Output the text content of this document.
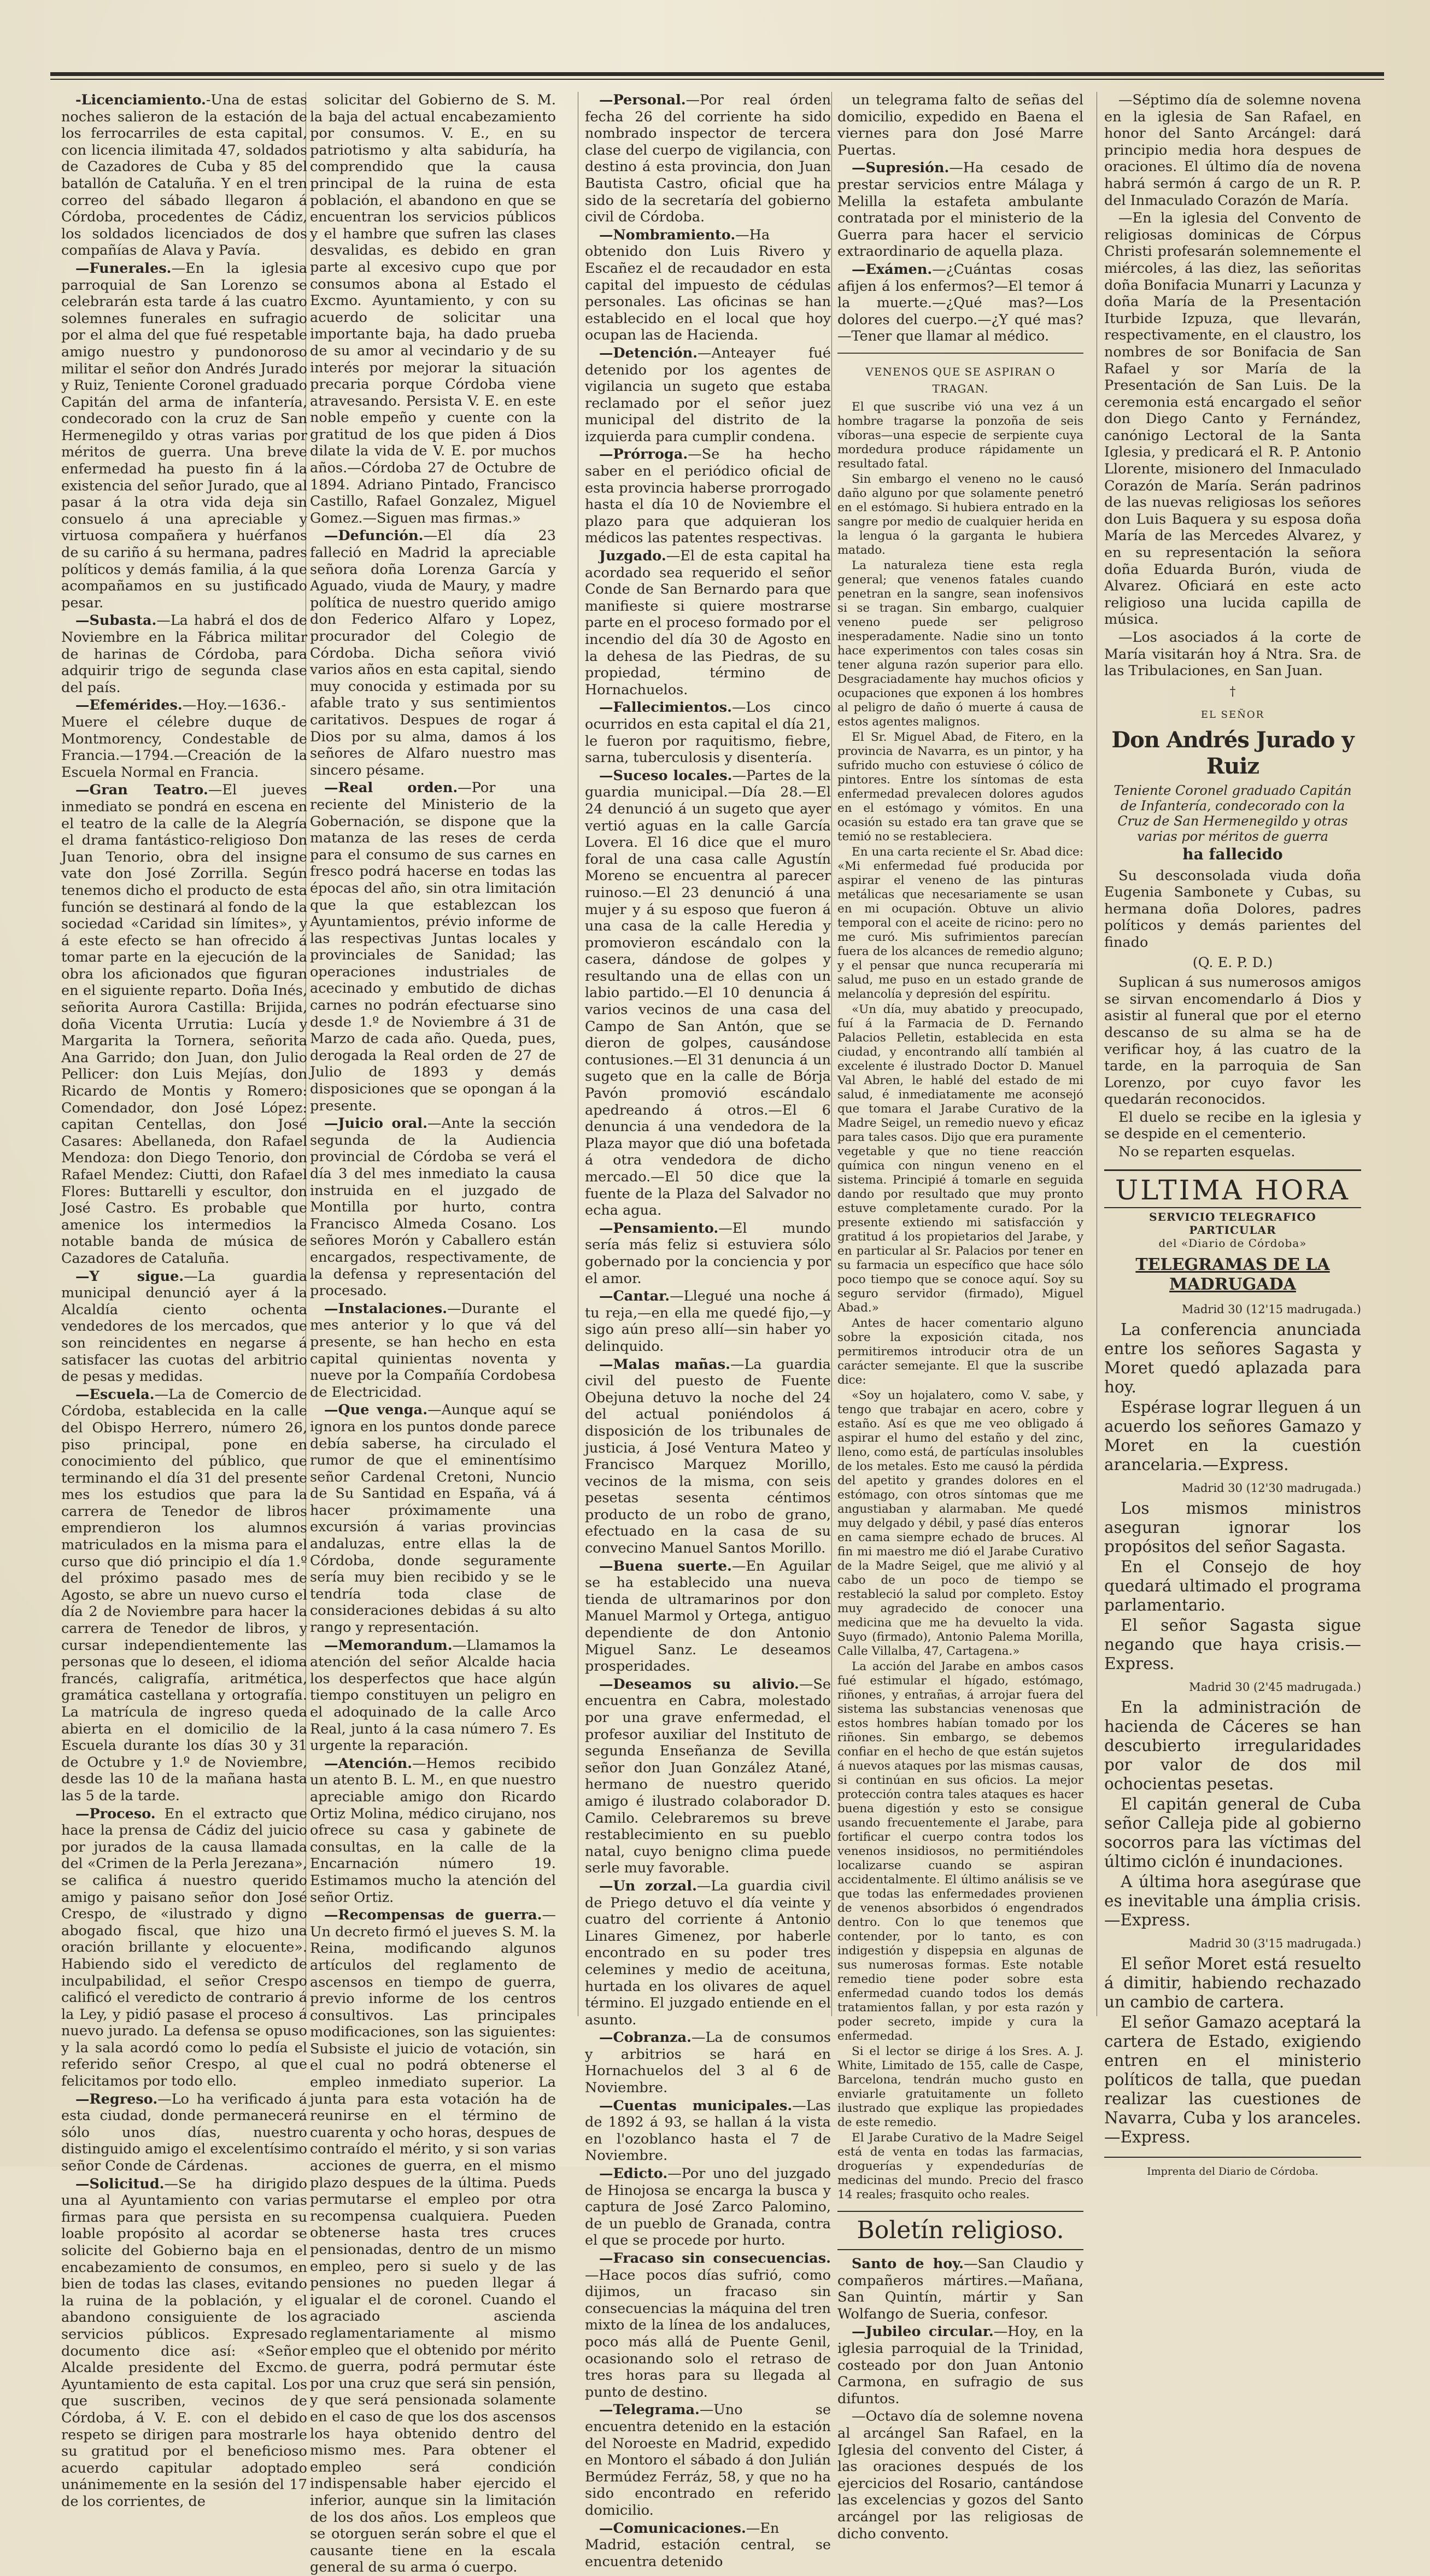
-Licenciamiento.-Una de estas noches salieron de la estación de los ferrocarriles de esta capital, con licencia ilimitada 47, soldados de Cazadores de Cuba y 85 del batallón de Cataluña. Y en el tren correo del sábado llegaron á Córdoba, procedentes de Cádiz, los soldados licenciados de dos compañías de Alava y Pavía.

—Funerales.—En la iglesia parroquial de San Lorenzo se celebrarán esta tarde á las cuatro solemnes funerales en sufragio por el alma del que fué respetable amigo nuestro y pundonoroso militar el señor don Andrés Jurado y Ruiz, Teniente Coronel graduado Capitán del arma de infantería, condecorado con la cruz de San Hermenegildo y otras varias por méritos de guerra. Una breve enfermedad ha puesto fin á la existencia del señor Jurado, que al pasar á la otra vida deja sin consuelo á una apreciable y virtuosa compañera y huérfanos de su cariño á su hermana, padres políticos y demás familia, á la que acompañamos en su justificado pesar.

—Subasta.—La habrá el dos de Noviembre en la Fábrica militar de harinas de Córdoba, para adquirir trigo de segunda clase del país.

—Efemérides.—Hoy.—1636.-Muere el célebre duque de Montmorency, Condestable de Francia.—1794.—Creación de la Escuela Normal en Francia.

—Gran Teatro.—El jueves inmediato se pondrá en escena en el teatro de la calle de la Alegría el drama fantástico-religioso Don Juan Tenorio, obra del insigne vate don José Zorrilla. Según tenemos dicho el producto de esta función se destinará al fondo de la sociedad «Caridad sin límites», y á este efecto se han ofrecido á tomar parte en la ejecución de la obra los aficionados que figuran en el siguiente reparto. Doña Inés, señorita Aurora Castilla: Brijida, doña Vicenta Urrutia: Lucía y Margarita la Tornera, señorita Ana Garrido; don Juan, don Julio Pellicer: don Luis Mejías, don Ricardo de Montis y Romero: Comendador, don José López: capitan Centellas, don José Casares: Abellaneda, don Rafael Mendoza: don Diego Tenorio, don Rafael Mendez: Ciutti, don Rafael Flores: Buttarelli y escultor, don José Castro. Es probable que amenice los intermedios la notable banda de música de Cazadores de Cataluña.

—Y sigue.—La guardia municipal denunció ayer á la Alcaldía ciento ochenta vendedores de los mercados, que son reincidentes en negarse á satisfacer las cuotas del arbitrio de pesas y medidas.

—Escuela.—La de Comercio de Córdoba, establecida en la calle del Obispo Herrero, número 26, piso principal, pone en conocimiento del público, que terminando el día 31 del presente mes los estudios que para la carrera de Tenedor de libros emprendieron los alumnos matriculados en la misma para el curso que dió principio el día 1.º del próximo pasado mes de Agosto, se abre un nuevo curso el día 2 de Noviembre para hacer la carrera de Tenedor de libros, y cursar independientemente las personas que lo deseen, el idioma francés, caligrafía, aritmética, gramática castellana y ortografía. La matrícula de ingreso queda abierta en el domicilio de la Escuela durante los días 30 y 31 de Octubre y 1.º de Noviembre, desde las 10 de la mañana hasta las 5 de la tarde.

—Proceso. En el extracto que hace la prensa de Cádiz del juicio por jurados de la causa llamada del «Crimen de la Perla Jerezana», se califica á nuestro querido amigo y paisano señor don José Crespo, de «ilustrado y digno abogado fiscal, que hizo una oración brillante y elocuente». Habiendo sido el veredicto de inculpabilidad, el señor Crespo calificó el veredicto de contrario á la Ley, y pidió pasase el proceso á nuevo jurado. La defensa se opuso y la sala acordó como lo pedía el referido señor Crespo, al que felicitamos por todo ello.

—Regreso.—Lo ha verificado á esta ciudad, donde permanecerá sólo unos días, nuestro distinguido amigo el excelentísimo señor Conde de Cárdenas.

—Solicitud.—Se ha dirigido una al Ayuntamiento con varias firmas para que persista en su loable propósito al acordar se solicite del Gobierno baja en el encabezamiento de consumos, en bien de todas las clases, evitando la ruina de la población, y el abandono consiguiente de los servicios públicos. Expresado documento dice así: «Señor Alcalde presidente del Excmo. Ayuntamiento de esta capital. Los que suscriben, vecinos de Córdoba, á V. E. con el debido respeto se dirigen para mostrarle su gratitud por el beneficioso acuerdo capitular adoptado unánimemente en la sesión del 17 de los corrientes, de

solicitar del Gobierno de S. M. la baja del actual encabezamiento por consumos. V. E., en su patriotismo y alta sabiduría, ha comprendido que la causa principal de la ruina de esta población, el abandono en que se encuentran los servicios públicos y el hambre que sufren las clases desvalidas, es debido en gran parte al excesivo cupo que por consumos abona al Estado el Excmo. Ayuntamiento, y con su acuerdo de solicitar una importante baja, ha dado prueba de su amor al vecindario y de su interés por mejorar la situación precaria porque Córdoba viene atravesando. Persista V. E. en este noble empeño y cuente con la gratitud de los que piden á Dios dilate la vida de V. E. por muchos años.—Córdoba 27 de Octubre de 1894. Adriano Pintado, Francisco Castillo, Rafael Gonzalez, Miguel Gomez.—Siguen mas firmas.»

—Defunción.—El día 23 falleció en Madrid la apreciable señora doña Lorenza García y Aguado, viuda de Maury, y madre política de nuestro querido amigo don Federico Alfaro y Lopez, procurador del Colegio de Córdoba. Dicha señora vivió varios años en esta capital, siendo muy conocida y estimada por su afable trato y sus sentimientos caritativos. Despues de rogar á Dios por su alma, damos á los señores de Alfaro nuestro mas sincero pésame.

—Real orden.—Por una reciente del Ministerio de la Gobernación, se dispone que la matanza de las reses de cerda para el consumo de sus carnes en fresco podrá hacerse en todas las épocas del año, sin otra limitación que la que establezcan los Ayuntamientos, prévio informe de las respectivas Juntas locales y provinciales de Sanidad; las operaciones industriales de acecinado y embutido de dichas carnes no podrán efectuarse sino desde 1.º de Noviembre á 31 de Marzo de cada año. Queda, pues, derogada la Real orden de 27 de Julio de 1893 y demás disposiciones que se opongan á la presente.

—Juicio oral.—Ante la sección segunda de la Audiencia provincial de Córdoba se verá el día 3 del mes inmediato la causa instruida en el juzgado de Montilla por hurto, contra Francisco Almeda Cosano. Los señores Morón y Caballero están encargados, respectivamente, de la defensa y representación del procesado.

—Instalaciones.—Durante el mes anterior y lo que vá del presente, se han hecho en esta capital quinientas noventa y nueve por la Compañía Cordobesa de Electricidad.

—Que venga.—Aunque aquí se ignora en los puntos donde parece debía saberse, ha circulado el rumor de que el eminentísimo señor Cardenal Cretoni, Nuncio de Su Santidad en España, vá á hacer próximamente una excursión á varias provincias andaluzas, entre ellas la de Córdoba, donde seguramente sería muy bien recibido y se le tendría toda clase de consideraciones debidas á su alto rango y representación.

—Memorandum.—Llamamos la atención del señor Alcalde hacia los desperfectos que hace algún tiempo constituyen un peligro en el adoquinado de la calle Arco Real, junto á la casa número 7. Es urgente la reparación.

—Atención.—Hemos recibido un atento B. L. M., en que nuestro apreciable amigo don Ricardo Ortiz Molina, médico cirujano, nos ofrece su casa y gabinete de consultas, en la calle de la Encarnación número 19. Estimamos mucho la atención del señor Ortiz.

—Recompensas de guerra.—Un decreto firmó el jueves S. M. la Reina, modificando algunos artículos del reglamento de ascensos en tiempo de guerra, previo informe de los centros consultivos. Las principales modificaciones, son las siguientes: Subsiste el juicio de votación, sin el cual no podrá obtenerse el empleo inmediato superior. La junta para esta votación ha de reunirse en el término de cuarenta y ocho horas, despues de contraído el mérito, y si son varias acciones de guerra, en el mismo plazo despues de la última. Pueds permutarse el empleo por otra recompensa cualquiera. Pueden obtenerse hasta tres cruces pensionadas, dentro de un mismo empleo, pero si suelo y de las pensiones no pueden llegar á igualar el de coronel. Cuando el agraciado ascienda reglamentariamente al mismo empleo que el obtenido por mérito de guerra, podrá permutar éste por una cruz que será sin pensión, y que será pensionada solamente en el caso de que los dos ascensos los haya obtenido dentro del mismo mes. Para obtener el empleo será condición indispensable haber ejercido el inferior, aunque sin la limitación de los dos años. Los empleos que se otorguen serán sobre el que el causante tiene en la escala general de su arma ó cuerpo.

—Personal.—Por real órden fecha 26 del corriente ha sido nombrado inspector de tercera clase del cuerpo de vigilancia, con destino á esta provincia, don Juan Bautista Castro, oficial que ha sido de la secretaría del gobierno civil de Córdoba.

—Nombramiento.—Ha obtenido don Luis Rivero y Escañez el de recaudador en esta capital del impuesto de cédulas personales. Las oficinas se han establecido en el local que hoy ocupan las de Hacienda.

—Detención.—Anteayer fué detenido por los agentes de vigilancia un sugeto que estaba reclamado por el señor juez municipal del distrito de la izquierda para cumplir condena.

—Prórroga.—Se ha hecho saber en el periódico oficial de esta provincia haberse prorrogado hasta el día 10 de Noviembre el plazo para que adquieran los médicos las patentes respectivas.

Juzgado.—El de esta capital ha acordado sea requerido el señor Conde de San Bernardo para que manifieste si quiere mostrarse parte en el proceso formado por el incendio del día 30 de Agosto en la dehesa de las Piedras, de su propiedad, término de Hornachuelos.

—Fallecimientos.—Los cinco ocurridos en esta capital el día 21, le fueron por raquitismo, fiebre, sarna, tuberculosis y disentería.

—Suceso locales.—Partes de la guardia municipal.—Día 28.—El 24 denunció á un sugeto que ayer vertió aguas en la calle García Lovera. El 16 dice que el muro foral de una casa calle Agustín Moreno se encuentra al parecer ruinoso.—El 23 denunció á una mujer y á su esposo que fueron á una casa de la calle Heredia y promovieron escándalo con la casera, dándose de golpes y resultando una de ellas con un labio partido.—El 10 denuncia á varios vecinos de una casa del Campo de San Antón, que se dieron de golpes, causándose contusiones.—El 31 denuncia á un sugeto que en la calle de Bórja Pavón promovió escándalo apedreando á otros.—El 6 denuncia á una vendedora de la Plaza mayor que dió una bofetada á otra vendedora de dicho mercado.—El 50 dice que la fuente de la Plaza del Salvador no echa agua.

—Pensamiento.—El mundo sería más feliz si estuviera sólo gobernado por la conciencia y por el amor.

—Cantar.—Llegué una noche á tu reja,—en ella me quedé fijo,—y sigo aún preso allí—sin haber yo delinquido.

—Malas mañas.—La guardia civil del puesto de Fuente Obejuna detuvo la noche del 24 del actual poniéndolos á disposición de los tribunales de justicia, á José Ventura Mateo y Francisco Marquez Morillo, vecinos de la misma, con seis pesetas sesenta céntimos producto de un robo de grano, efectuado en la casa de su convecino Manuel Santos Morillo.

—Buena suerte.—En Aguilar se ha establecido una nueva tienda de ultramarinos por don Manuel Marmol y Ortega, antiguo dependiente de don Antonio Miguel Sanz. Le deseamos prosperidades.

—Deseamos su alivio.—Se encuentra en Cabra, molestado por una grave enfermedad, el profesor auxiliar del Instituto de segunda Enseñanza de Sevilla señor don Juan González Atané, hermano de nuestro querido amigo é ilustrado colaborador D. Camilo. Celebraremos su breve restablecimiento en su pueblo natal, cuyo benigno clima puede serle muy favorable.

—Un zorzal.—La guardia civil de Priego detuvo el día veinte y cuatro del corriente á Antonio Linares Gimenez, por haberle encontrado en su poder tres celemines y medio de aceituna, hurtada en los olivares de aquel término. El juzgado entiende en el asunto.

—Cobranza.—La de consumos y arbitrios se hará en Hornachuelos del 3 al 6 de Noviembre.

—Cuentas municipales.—Las de 1892 á 93, se hallan á la vista en l'ozoblanco hasta el 7 de Noviembre.

—Edicto.—Por uno del juzgado de Hinojosa se encarga la busca y captura de José Zarco Palomino, de un pueblo de Granada, contra el que se procede por hurto.

—Fracaso sin consecuencias.—Hace pocos días sufrió, como dijimos, un fracaso sin consecuencias la máquina del tren mixto de la línea de los andaluces, poco más allá de Puente Genil, ocasionando solo el retraso de tres horas para su llegada al punto de destino.

—Telegrama.—Uno se encuentra detenido en la estación del Noroeste en Madrid, expedido en Montoro el sábado á don Julián Bermúdez Ferráz, 58, y que no ha sido encontrado en referido domicilio.

—Comunicaciones.—En Madrid, estación central, se encuentra detenido

un telegrama falto de señas del domicilio, expedido en Baena el viernes para don José Marre Puertas.

—Supresión.—Ha cesado de prestar servicios entre Málaga y Melilla la estafeta ambulante contratada por el ministerio de la Guerra para hacer el servicio extraordinario de aquella plaza.

—Exámen.—¿Cuántas cosas afijen á los enfermos?—El temor á la muerte.—¿Qué mas?—Los dolores del cuerpo.—¿Y qué mas?—Tener que llamar al médico.

VENENOS QUE SE ASPIRAN O TRAGAN.

El que suscribe vió una vez á un hombre tragarse la ponzoña de seis víboras—una especie de serpiente cuya mordedura produce rápidamente un resultado fatal.

Sin embargo el veneno no le causó daño alguno por que solamente penetró en el estómago. Si hubiera entrado en la sangre por medio de cualquier herida en la lengua ó la garganta le hubiera matado.

La naturaleza tiene esta regla general; que venenos fatales cuando penetran en la sangre, sean inofensivos si se tragan. Sin embargo, cualquier veneno puede ser peligroso inesperadamente. Nadie sino un tonto hace experimentos con tales cosas sin tener alguna razón superior para ello. Desgraciadamente hay muchos oficios y ocupaciones que exponen á los hombres al peligro de daño ó muerte á causa de estos agentes malignos.

El Sr. Miguel Abad, de Fitero, en la provincia de Navarra, es un pintor, y ha sufrido mucho con estuviese ó cólico de pintores. Entre los síntomas de esta enfermedad prevalecen dolores agudos en el estómago y vómitos. En una ocasión su estado era tan grave que se temió no se restableciera.

En una carta reciente el Sr. Abad dice: «Mi enfermedad fué producida por aspirar el veneno de las pinturas metálicas que necesariamente se usan en mi ocupación. Obtuve un alivio temporal con el aceite de ricino: pero no me curó. Mis sufrimientos parecían fuera de los alcances de remedio alguno; y el pensar que nunca recuperaría mi salud, me puso en un estado grande de melancolía y depresión del espíritu.

«Un día, muy abatido y preocupado, fuí á la Farmacia de D. Fernando Palacios Pelletin, establecida en esta ciudad, y encontrando allí también al excelente é ilustrado Doctor D. Manuel Val Abren, le hablé del estado de mi salud, é inmediatamente me aconsejó que tomara el Jarabe Curativo de la Madre Seigel, un remedio nuevo y eficaz para tales casos. Dijo que era puramente vegetable y que no tiene reacción química con ningun veneno en el sistema. Principié á tomarle en seguida dando por resultado que muy pronto estuve completamente curado. Por la presente extiendo mi satisfacción y gratitud á los propietarios del Jarabe, y en particular al Sr. Palacios por tener en su farmacia un específico que hace sólo poco tiempo que se conoce aquí. Soy su seguro servidor (firmado), Miguel Abad.»

Antes de hacer comentario alguno sobre la exposición citada, nos permitiremos introducir otra de un carácter semejante. El que la suscribe dice:

«Soy un hojalatero, como V. sabe, y tengo que trabajar en acero, cobre y estaño. Así es que me veo obligado á aspirar el humo del estaño y del zinc, lleno, como está, de partículas insolubles de los metales. Esto me causó la pérdida del apetito y grandes dolores en el estómago, con otros síntomas que me angustiaban y alarmaban. Me quedé muy delgado y débil, y pasé días enteros en cama siempre echado de bruces. Al fin mi maestro me dió el Jarabe Curativo de la Madre Seigel, que me alivió y al cabo de un poco de tiempo se restableció la salud por completo. Estoy muy agradecido de conocer una medicina que me ha devuelto la vida. Suyo (firmado), Antonio Palema Morilla, Calle Villalba, 47, Cartagena.»

La acción del Jarabe en ambos casos fué estimular el hígado, estómago, riñones, y entrañas, á arrojar fuera del sistema las substancias venenosas que estos hombres habían tomado por los riñones. Sin embargo, se debemos confiar en el hecho de que están sujetos á nuevos ataques por las mismas causas, si continúan en sus oficios. La mejor protección contra tales ataques es hacer buena digestión y esto se consigue usando frecuentemente el Jarabe, para fortificar el cuerpo contra todos los venenos insidiosos, no permitiéndoles localizarse cuando se aspiran accidentalmente. El último análisis se ve que todas las enfermedades provienen de venenos absorbidos ó engendrados dentro. Con lo que tenemos que contender, por lo tanto, es con indigestión y dispepsia en algunas de sus numerosas formas. Este notable remedio tiene poder sobre esta enfermedad cuando todos los demás tratamientos fallan, y por esta razón y poder secreto, impide y cura la enfermedad.

Si el lector se dirige á los Sres. A. J. White, Limitado de 155, calle de Caspe, Barcelona, tendrán mucho gusto en enviarle gratuitamente un folleto ilustrado que explique las propiedades de este remedio.

El Jarabe Curativo de la Madre Seigel está de venta en todas las farmacias, droguerías y expendedurías de medicinas del mundo. Precio del frasco 14 reales; frasquito ocho reales.

Boletín religioso.

Santo de hoy.—San Claudio y compañeros mártires.—Mañana, San Quintín, mártir y San Wolfango de Sueria, confesor.

—Jubileo circular.—Hoy, en la iglesia parroquial de la Trinidad, costeado por don Juan Antonio Carmona, en sufragio de sus difuntos.

—Octavo día de solemne novena al arcángel San Rafael, en la Iglesia del convento del Cister, á las oraciones después de los ejercicios del Rosario, cantándose las excelencias y gozos del Santo arcángel por las religiosas de dicho convento.

—Séptimo día de solemne novena en la iglesia de San Rafael, en honor del Santo Arcángel: dará principio media hora despues de oraciones. El último día de novena habrá sermón á cargo de un R. P. del Inmaculado Corazón de María.

—En la iglesia del Convento de religiosas dominicas de Córpus Christi profesarán solemnemente el miércoles, á las diez, las señoritas doña Bonifacia Munarri y Lacunza y doña María de la Presentación Iturbide Izpuza, que llevarán, respectivamente, en el claustro, los nombres de sor Bonifacia de San Rafael y sor María de la Presentación de San Luis. De la ceremonia está encargado el señor don Diego Canto y Fernández, canónigo Lectoral de la Santa Iglesia, y predicará el R. P. Antonio Llorente, misionero del Inmaculado Corazón de María. Serán padrinos de las nuevas religiosas los señores don Luis Baquera y su esposa doña María de las Mercedes Alvarez, y en su representación la señora doña Eduarda Burón, viuda de Alvarez. Oficiará en este acto religioso una lucida capilla de música.

—Los asociados á la corte de María visitarán hoy á Ntra. Sra. de las Tribulaciones, en San Juan.

†
EL SEÑOR
Don Andrés Jurado y Ruiz
Teniente Coronel graduado Capitán de Infantería, condecorado con la Cruz de San Hermenegildo y otras varias por méritos de guerra
ha fallecido

Su desconsolada viuda doña Eugenia Sambonete y Cubas, su hermana doña Dolores, padres políticos y demás parientes del finado

(Q. E. P. D.)

Suplican á sus numerosos amigos se sirvan encomendarlo á Dios y asistir al funeral que por el eterno descanso de su alma se ha de verificar hoy, á las cuatro de la tarde, en la parroquia de San Lorenzo, por cuyo favor les quedarán reconocidos.

El duelo se recibe en la iglesia y se despide en el cementerio.

No se reparten esquelas.

ULTIMA HORA
SERVICIO TELEGRAFICO PARTICULAR
del «Diario de Córdoba»
TELEGRAMAS DE LA MADRUGADA
Madrid 30 (12'15 madrugada.)

La conferencia anunciada entre los señores Sagasta y Moret quedó aplazada para hoy.

Espérase lograr lleguen á un acuerdo los señores Gamazo y Moret en la cuestión arancelaria.—Express.

Madrid 30 (12'30 madrugada.)

Los mismos ministros aseguran ignorar los propósitos del señor Sagasta.

En el Consejo de hoy quedará ultimado el programa parlamentario.

El señor Sagasta sigue negando que haya crisis.—Express.

Madrid 30 (2'45 madrugada.)

En la administración de hacienda de Cáceres se han descubierto irregularidades por valor de dos mil ochocientas pesetas.

El capitán general de Cuba señor Calleja pide al gobierno socorros para las víctimas del último ciclón é inundaciones.

A última hora asegúrase que es inevitable una ámplia crisis.—Express.

Madrid 30 (3'15 madrugada.)

El señor Moret está resuelto á dimitir, habiendo rechazado un cambio de cartera.

El señor Gamazo aceptará la cartera de Estado, exigiendo entren en el ministerio políticos de talla, que puedan realizar las cuestiones de Navarra, Cuba y los aranceles.—Express.

Imprenta del Diario de Córdoba.
